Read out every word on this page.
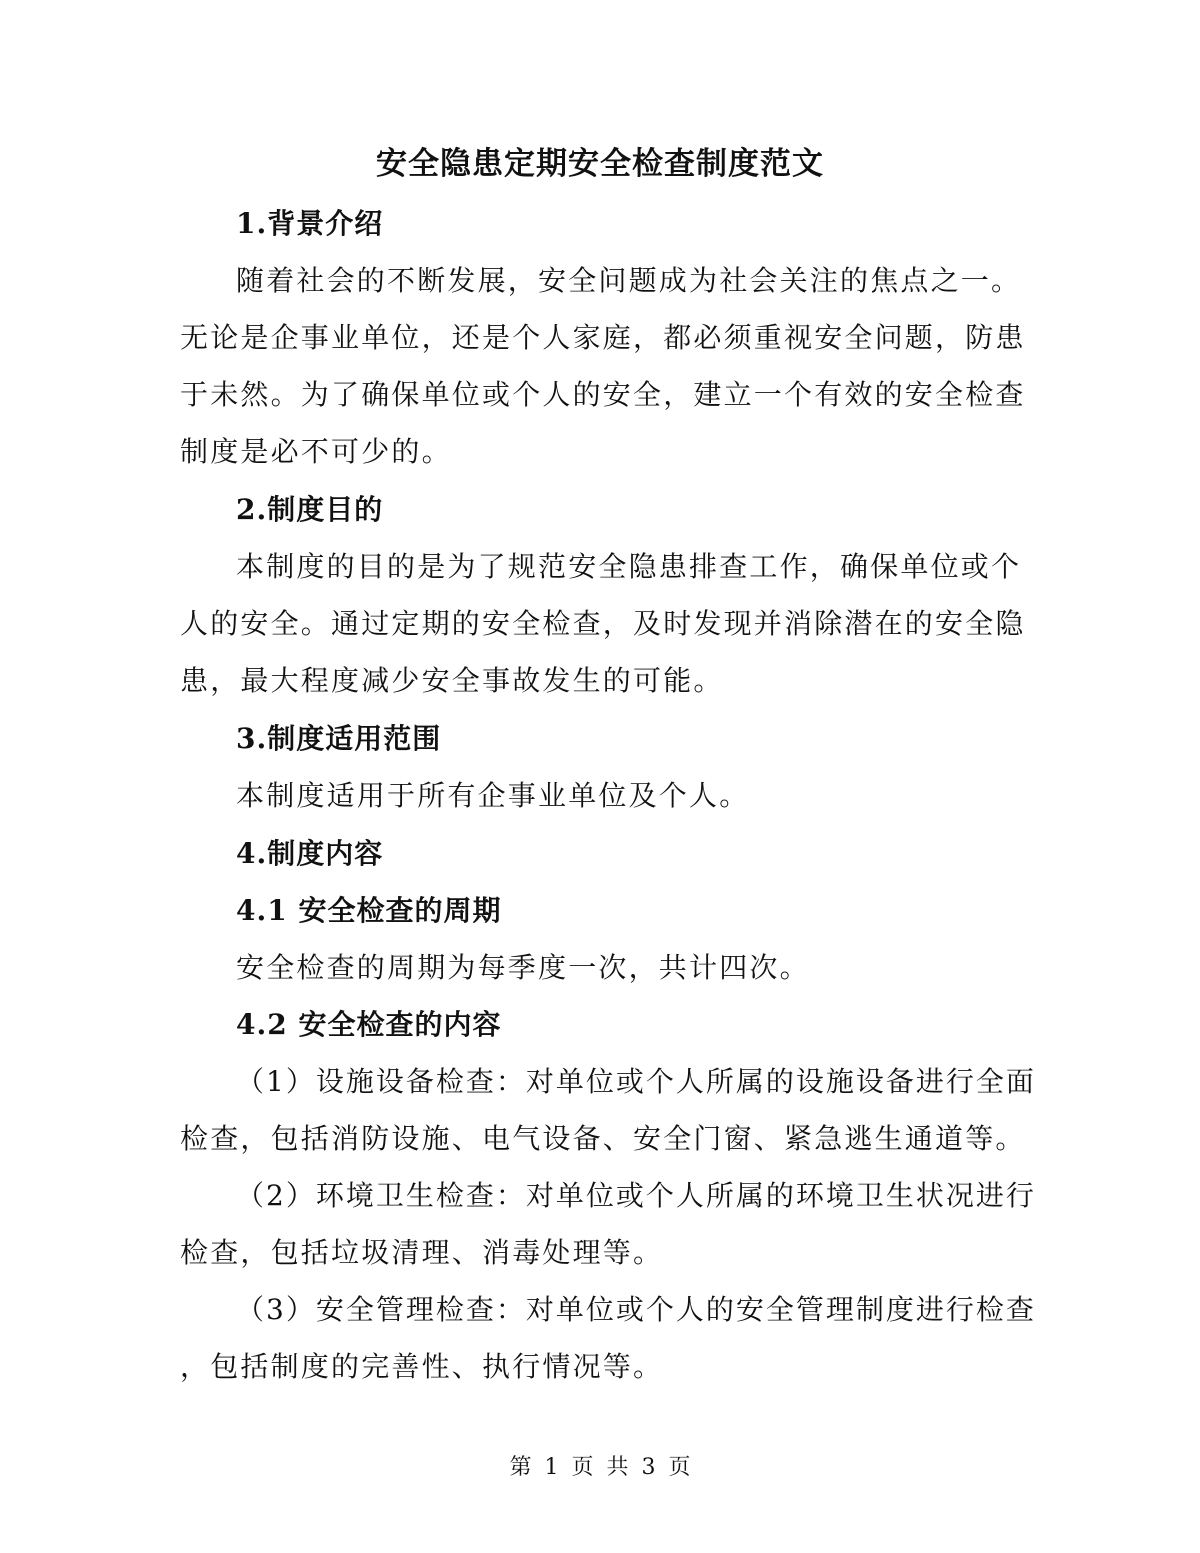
安全隐患定期安全检查制度范文
1.背景介绍
随着社会的不断发展，安全问题成为社会关注的焦点之一。
无论是企事业单位，还是个人家庭，都必须重视安全问题，防患
于未然。为了确保单位或个人的安全，建立一个有效的安全检查
制度是必不可少的。
2.制度目的
本制度的目的是为了规范安全隐患排查工作，确保单位或个
人的安全。通过定期的安全检查，及时发现并消除潜在的安全隐
患，最大程度减少安全事故发生的可能。
3.制度适用范围
本制度适用于所有企事业单位及个人。
4.制度内容
4.1 安全检查的周期
安全检查的周期为每季度一次，共计四次。
4.2 安全检查的内容
（1）设施设备检查：对单位或个人所属的设施设备进行全面
检查，包括消防设施、电气设备、安全门窗、紧急逃生通道等。
（2）环境卫生检查：对单位或个人所属的环境卫生状况进行
检查，包括垃圾清理、消毒处理等。
（3）安全管理检查：对单位或个人的安全管理制度进行检查
，包括制度的完善性、执行情况等。
第 1 页 共 3 页
